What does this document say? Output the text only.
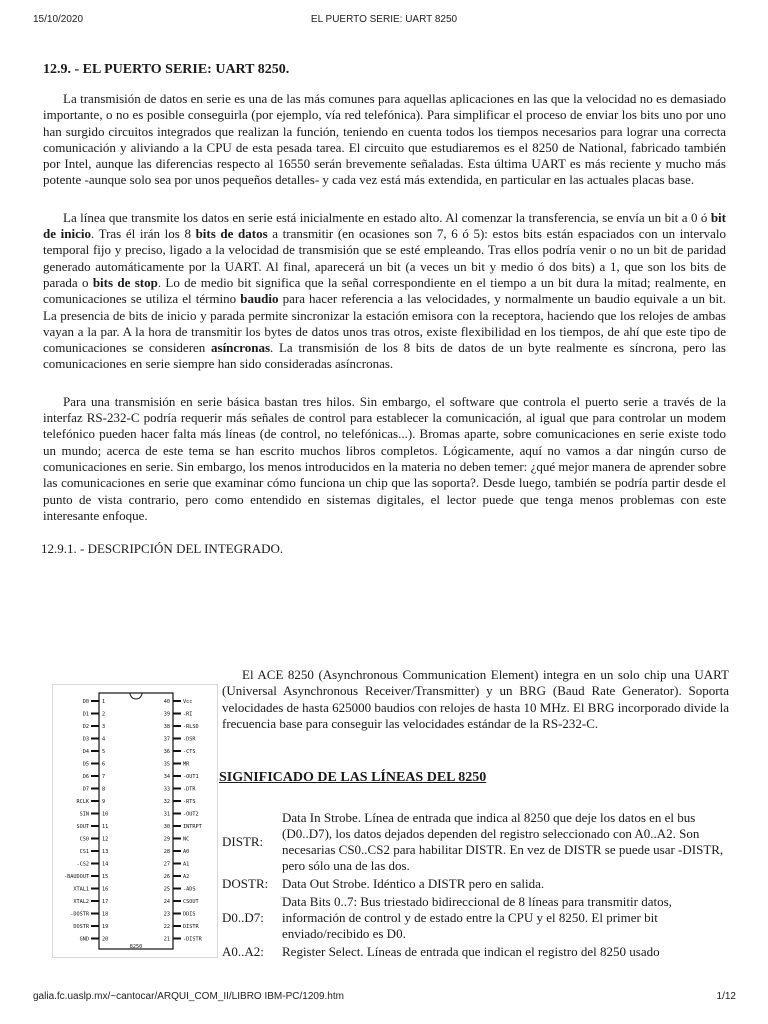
15/10/2020	EL PUERTO SERIE: UART 8250
12.9. - EL PUERTO SERIE: UART 8250.

La transmisión de datos en serie es una de las más comunes para aquellas aplicaciones en las que la velocidad no es demasiado importante, o no es posible conseguirla (por ejemplo, vía red telefónica). Para simplificar el proceso de enviar los bits uno por uno han surgido circuitos integrados que realizan la función, teniendo en cuenta todos los tiempos necesarios para lograr una correcta comunicación y aliviando a la CPU de esta pesada tarea. El circuito que estudiaremos es el 8250 de National, fabricado también por Intel, aunque las diferencias respecto al 16550 serán brevemente señaladas. Esta última UART es más reciente y mucho más potente -aunque solo sea por unos pequeños detalles- y cada vez está más extendida, en particular en las actuales placas base.

La línea que transmite los datos en serie está inicialmente en estado alto. Al comenzar la transferencia, se envía un bit a 0 ó bit de inicio. Tras él irán los 8 bits de datos a transmitir (en ocasiones son 7, 6 ó 5): estos bits están espaciados con un intervalo temporal fijo y preciso, ligado a la velocidad de transmisión que se esté empleando. Tras ellos podría venir o no un bit de paridad generado automáticamente por la UART. Al final, aparecerá un bit (a veces un bit y medio ó dos bits) a 1, que son los bits de parada o bits de stop. Lo de medio bit significa que la señal correspondiente en el tiempo a un bit dura la mitad; realmente, en comunicaciones se utiliza el término baudio para hacer referencia a las velocidades, y normalmente un baudio equivale a un bit. La presencia de bits de inicio y parada permite sincronizar la estación emisora con la receptora, haciendo que los relojes de ambas vayan a la par. A la hora de transmitir los bytes de datos unos tras otros, existe flexibilidad en los tiempos, de ahí que este tipo de comunicaciones se consideren asíncronas. La transmisión de los 8 bits de datos de un byte realmente es síncrona, pero las comunicaciones en serie siempre han sido consideradas asíncronas.

Para una transmisión en serie básica bastan tres hilos. Sin embargo, el software que controla el puerto serie a través de la interfaz RS-232-C podría requerir más señales de control para establecer la comunicación, al igual que para controlar un modem telefónico pueden hacer falta más líneas (de control, no telefónicas...). Bromas aparte, sobre comunicaciones en serie existe todo un mundo; acerca de este tema se han escrito muchos libros completos. Lógicamente, aquí no vamos a dar ningún curso de comunicaciones en serie. Sin embargo, los menos introducidos en la materia no deben temer: ¿qué mejor manera de aprender sobre las comunicaciones en serie que examinar cómo funciona un chip que las soporta?. Desde luego, también se podría partir desde el punto de vista contrario, pero como entendido en sistemas digitales, el lector puede que tenga menos problemas con este interesante enfoque.

12.9.1. - DESCRIPCIÓN DEL INTEGRADO.
D0	1
D1	2
D2	3
D3	4
D4	5
D5	6
D6	7
D7	8
RCLK	9
SIN	10
SOUT	11
CS0	12
CS1	13
-CS2	14
-BAUDOUT	15
XTAL1	16
XTAL2	17
-DOSTR	18
DOSTR	19
GND	20
Vcc
40
-RI
39
-RLSD
38
-DSR
37
-CTS
36
MR
35
-OUT1
34
-DTR
33
-RTS
32
-OUT2
31
INTRPT
30
NC
29
A0
28
A1
27
A2
26
-ADS
25
CSOUT
24
DDIS
23
DISTR
22
-DISTR
21
8250

El ACE 8250 (Asynchronous Communication Element) integra en un solo chip una UART (Universal Asynchronous Receiver/Transmitter) y un BRG (Baud Rate Generator). Soporta velocidades de hasta 625000 baudios con relojes de hasta 10 MHz. El BRG incorporado divide la frecuencia base para conseguir las velocidades estándar de la RS-232-C.

SIGNIFICADO DE LAS LÍNEAS DEL 8250
DISTR:	Data In Strobe. Línea de entrada que indica al 8250 que deje los datos en el bus (D0..D7), los datos dejados dependen del registro seleccionado con A0..A2. Son necesarias CS0..CS2 para habilitar DISTR. En vez de DISTR se puede usar -DISTR, pero sólo una de las dos.
DOSTR:	Data Out Strobe. Idéntico a DISTR pero en salida.
D0..D7:	Data Bits 0..7: Bus triestado bidireccional de 8 líneas para transmitir datos, información de control y de estado entre la CPU y el 8250. El primer bit enviado/recibido es D0.
A0..A2:	Register Select. Líneas de entrada que indican el registro del 8250 usado
galia.fc.uaslp.mx/~cantocar/ARQUI_COM_II/LIBRO IBM-PC/1209.htm	1/12
